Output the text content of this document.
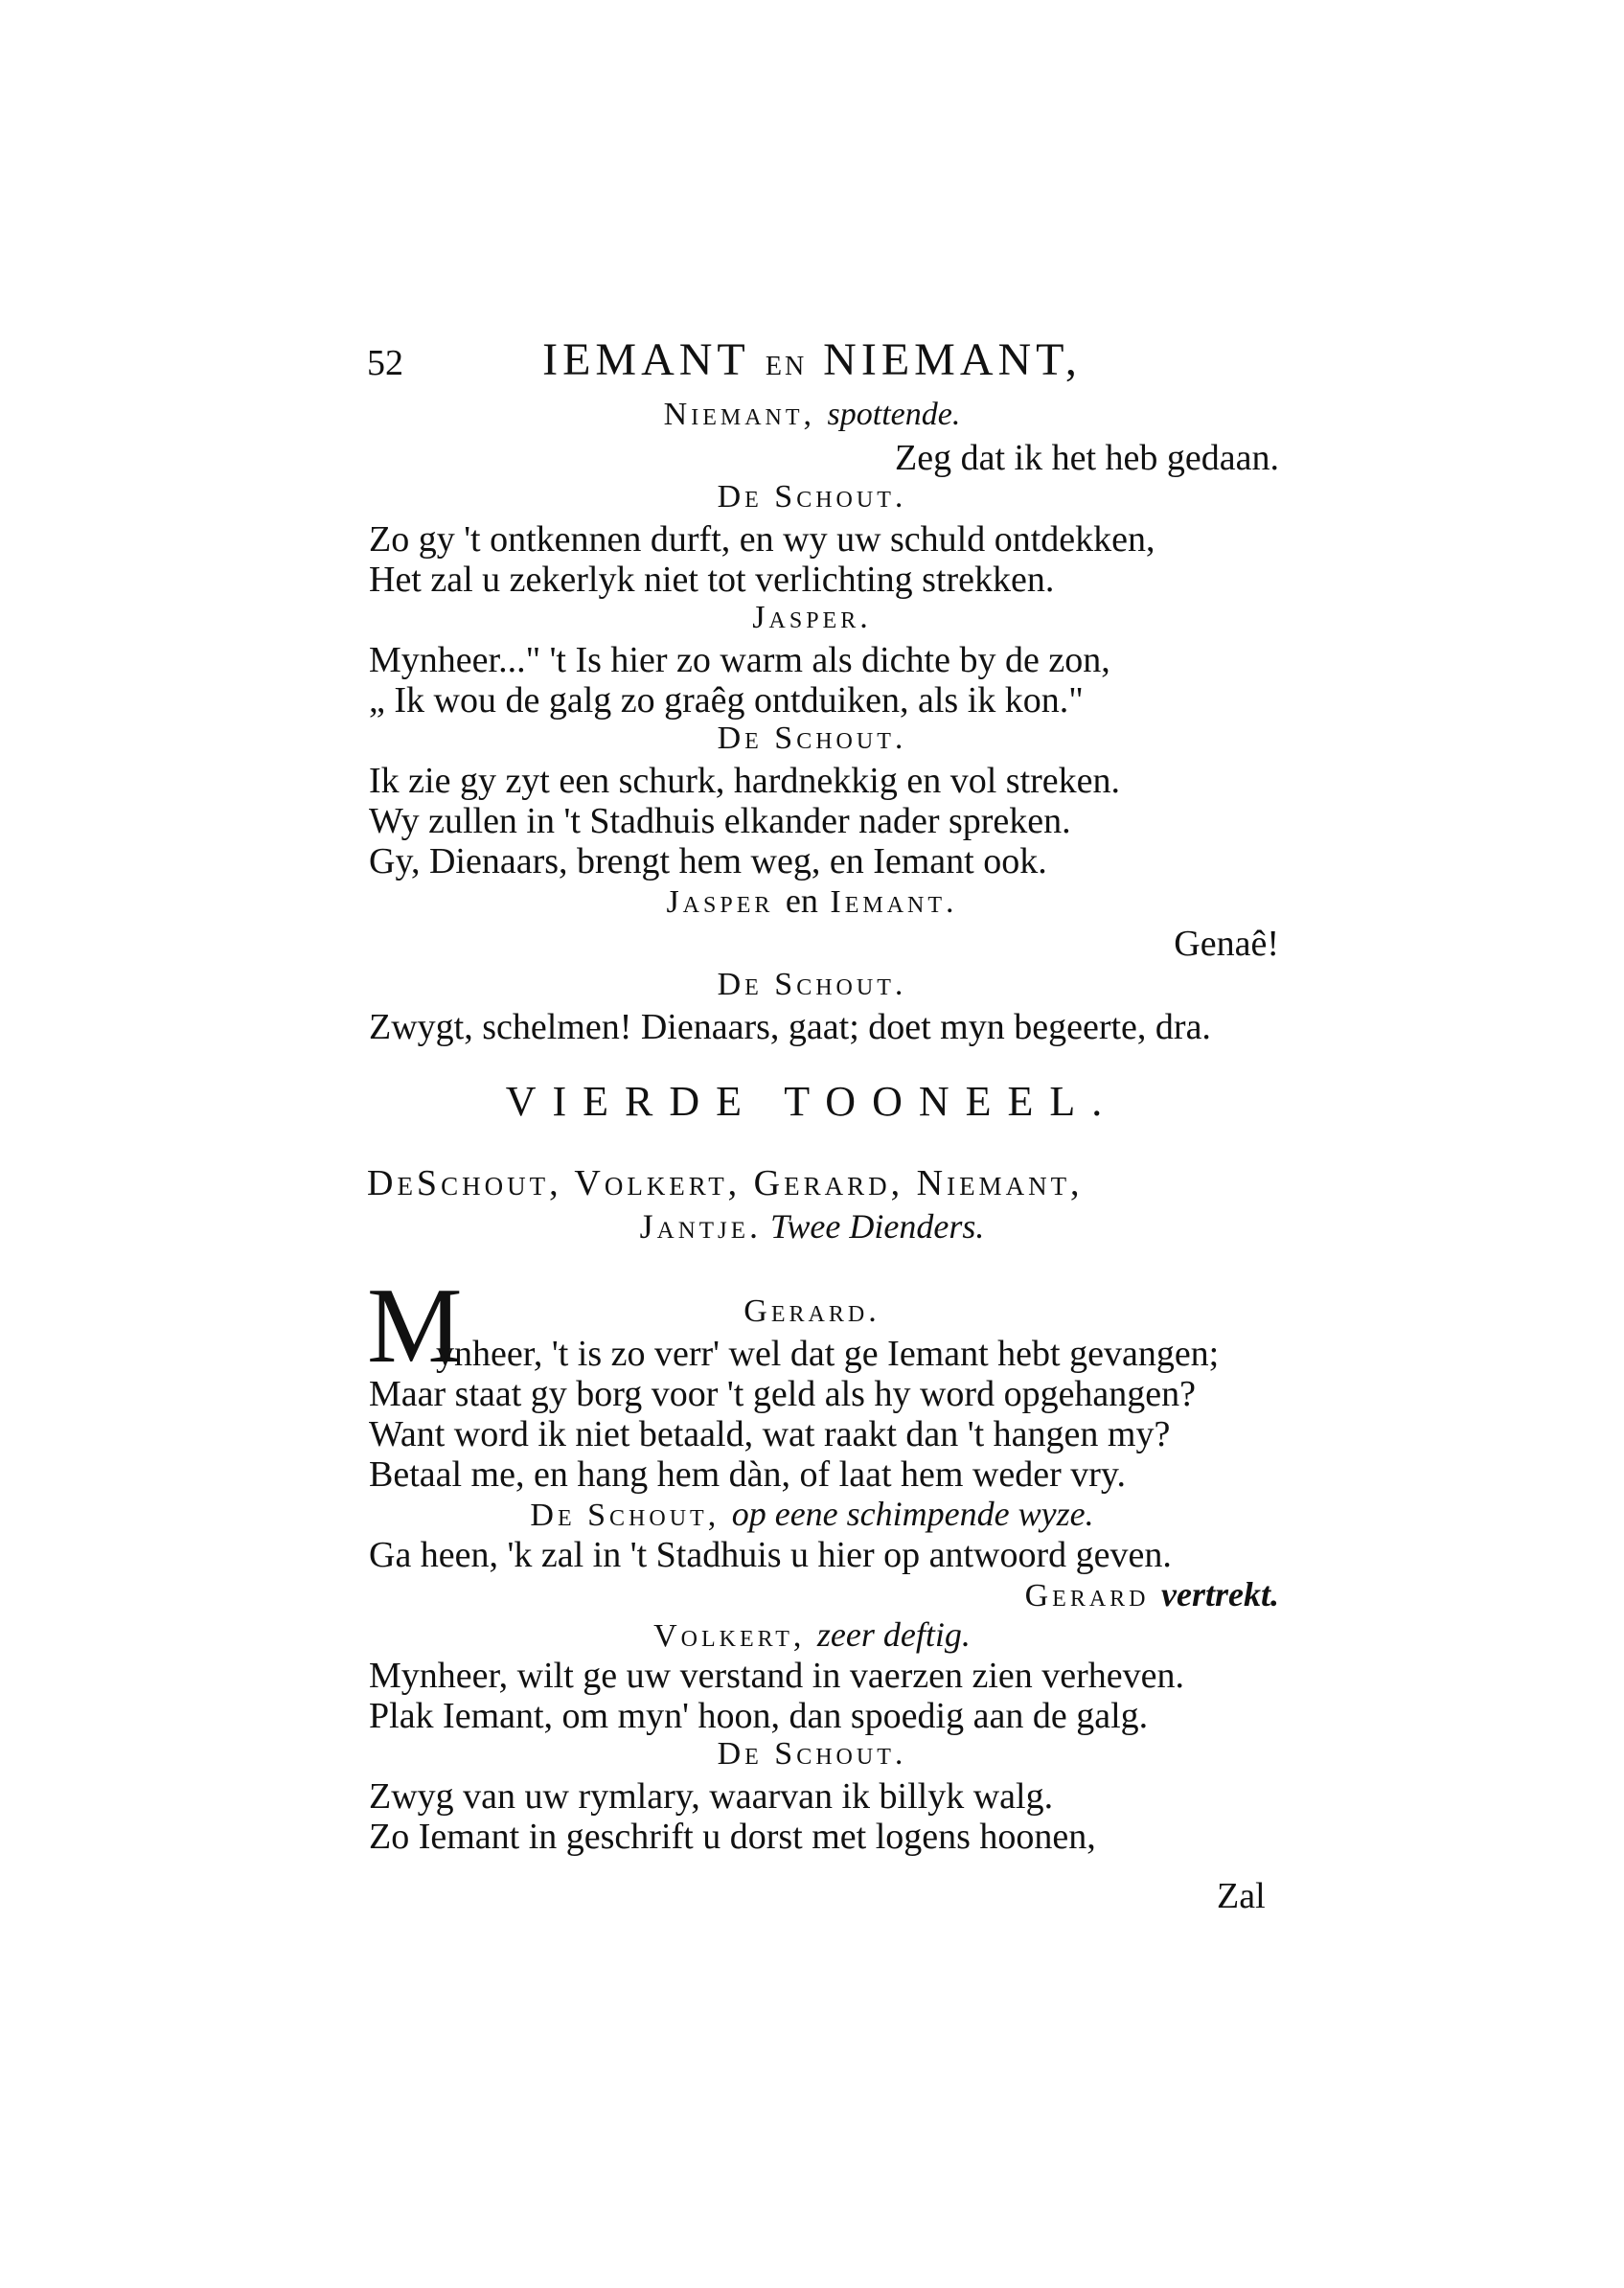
52	IEMANT EN NIEMANT,
Niemant, spottende.
Zeg dat ik het heb gedaan.
De Schout.
Zo gy 't ontkennen durft, en wy uw schuld ontdekken,
Het zal u zekerlyk niet tot verlichting strekken.
Jasper.
Mynheer..." 't Is hier zo warm als dichte by de zon,
„ Ik wou de galg zo graêg ontduiken, als ik kon."
De Schout.
Ik zie gy zyt een schurk, hardnekkig en vol streken.
Wy zullen in 't Stadhuis elkander nader spreken.
Gy, Dienaars, brengt hem weg, en Iemant ook.
Jasper en Iemant.
Genaê!
De Schout.
Zwygt, schelmen! Dienaars, gaat; doet myn begeerte, dra.
VIERDE TOONEEL.
DeSchout, Volkert, Gerard, Niemant,
Jantje. Twee Dienders.
M	Gerard.
ynheer, 't is zo verr' wel dat ge Iemant hebt gevangen;
Maar staat gy borg voor 't geld als hy word opgehangen?
Want word ik niet betaald, wat raakt dan 't hangen my?
Betaal me, en hang hem dàn, of laat hem weder vry.
De Schout, op eene schimpende wyze.
Ga heen, 'k zal in 't Stadhuis u hier op antwoord geven.
Gerard vertrekt.
Volkert, zeer deftig.
Mynheer, wilt ge uw verstand in vaerzen zien verheven.
Plak Iemant, om myn' hoon, dan spoedig aan de galg.
De Schout.
Zwyg van uw rymlary, waarvan ik billyk walg.
Zo Iemant in geschrift u dorst met logens hoonen,
Zal
